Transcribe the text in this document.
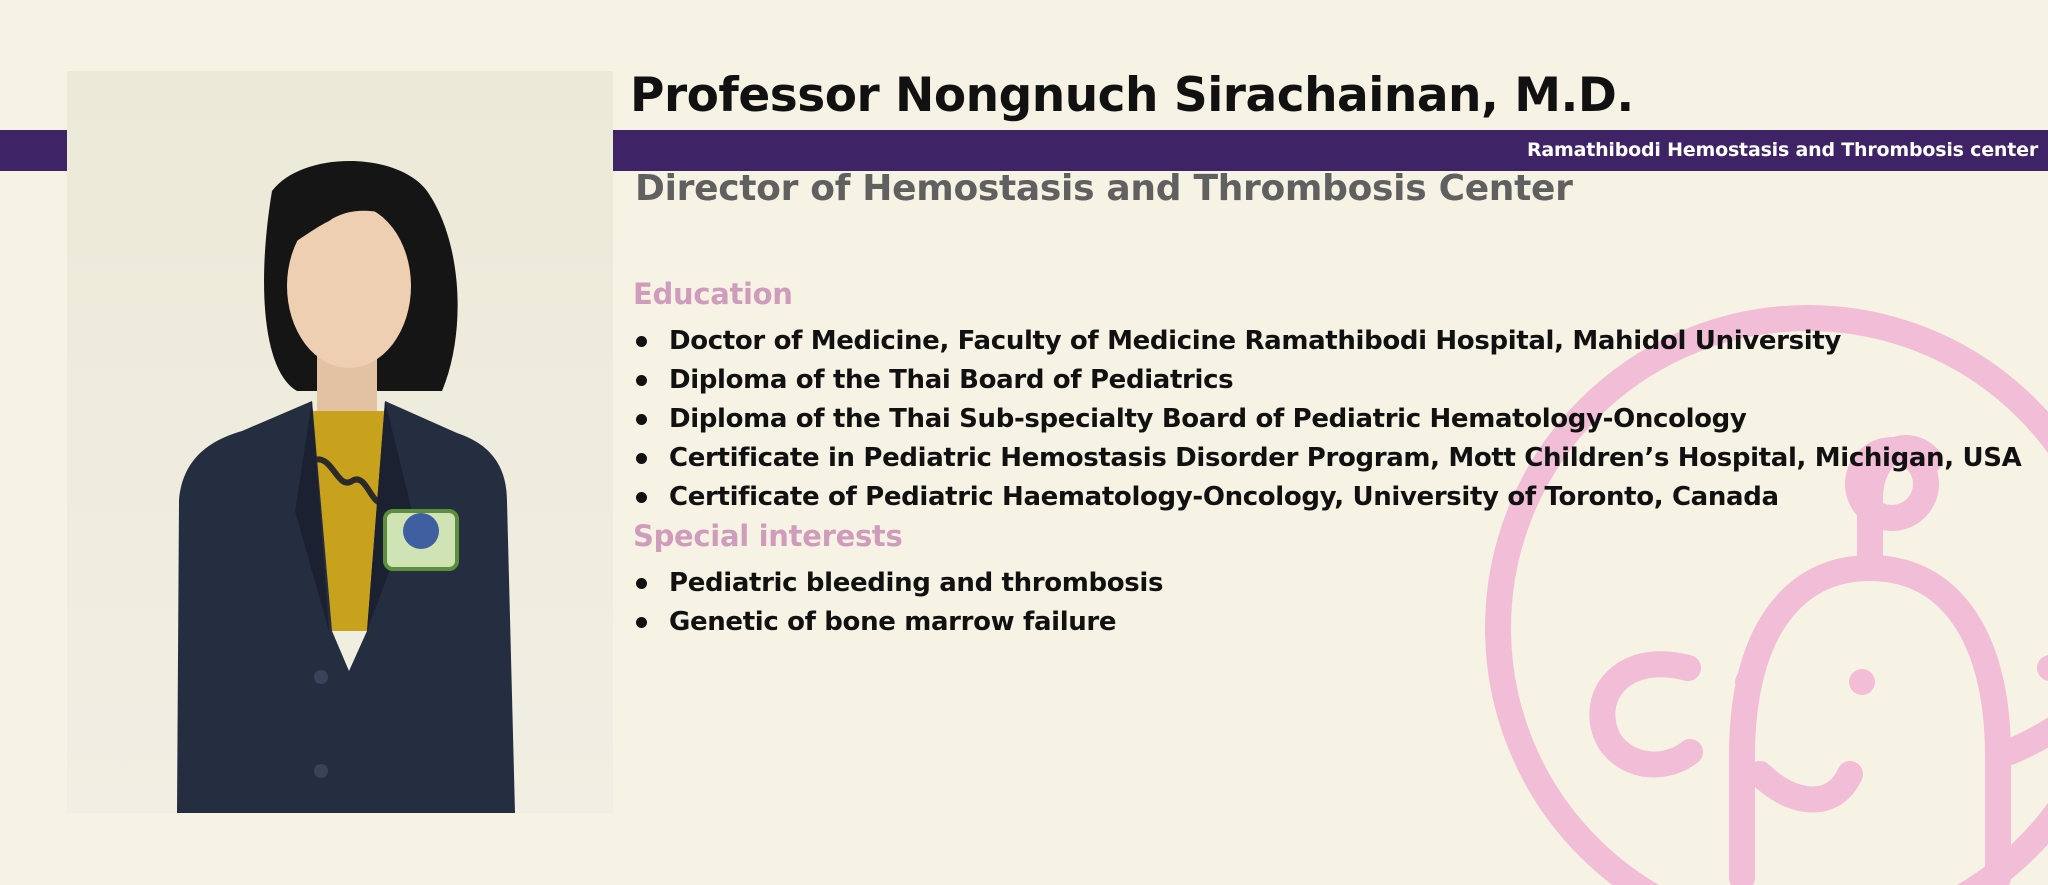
Professor Nongnuch Sirachainan, M.D.
Ramathibodi Hemostasis and Thrombosis center
Director of Hemostasis and Thrombosis Center
Education
Doctor of Medicine, Faculty of Medicine Ramathibodi Hospital, Mahidol University
Diploma of the Thai Board of Pediatrics
Diploma of the Thai Sub-specialty Board of Pediatric Hematology-Oncology
Certificate in Pediatric Hemostasis Disorder Program, Mott Children’s Hospital, Michigan, USA
Certificate of Pediatric Haematology-Oncology, University of Toronto, Canada
Special interests
Pediatric bleeding and thrombosis
Genetic of bone marrow failure
